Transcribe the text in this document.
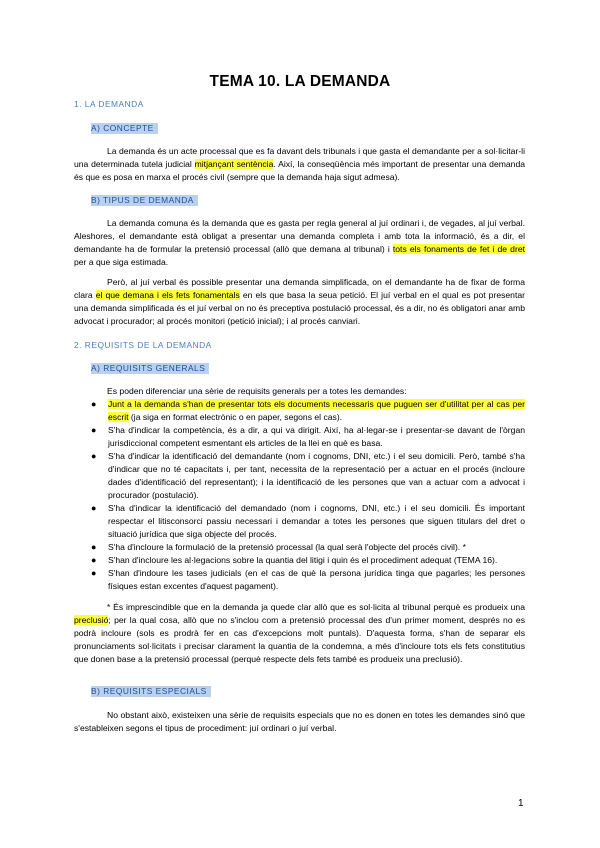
TEMA 10. LA DEMANDA
1. LA DEMANDA
A) CONCEPTE
La demanda és un acte processal que es fa davant dels tribunals i que gasta el demandante per a sol·licitar-li una determinada tutela judicial mitjançant sentència. Així, la conseqüència més important de presentar una demanda és que es posa en marxa el procés civil (sempre que la demanda haja sigut admesa).
B) TIPUS DE DEMANDA
La demanda comuna és la demanda que es gasta per regla general al juí ordinari i, de vegades, al juí verbal. Aleshores, el demandante està obligat a presentar una demanda completa i amb tota la informació, és a dir, el demandante ha de formular la pretensió processal (allò que demana al tribunal) i tots els fonaments de fet i de dret per a que siga estimada.
Però, al juí verbal és possible presentar una demanda simplificada, on el demandante ha de fixar de forma clara el que demana i els fets fonamentals en els que basa la seua petició. El juí verbal en el qual es pot presentar una demanda simplificada és el juí verbal on no és preceptiva postulació processal, és a dir, no és obligatori anar amb advocat i procurador; al procés monitori (petició inicial); i al procés canviari.
2. REQUISITS DE LA DEMANDA
A) REQUISITS GENERALS
Es poden diferenciar una sèrie de requisits generals per a totes les demandes:
● Junt a la demanda s'han de presentar tots els documents necessaris que puguen ser d'utilitat per al cas per escrit (ja siga en format electrònic o en paper, segons el cas).
● S'ha d'indicar la competència, és a dir, a qui va dirigit. Així, ha al·legar-se i presentar-se davant de l'òrgan jurisdiccional competent esmentant els articles de la llei en què es basa.
● S'ha d'indicar la identificació del demandante (nom i cognoms, DNI, etc.) i el seu domicili. Però, també s'ha d'indicar que no té capacitats i, per tant, necessita de la representació per a actuar en el procés (incloure dades d'identificació del representant); i la identificació de les persones que van a actuar com a advocat i procurador (postulació).
● S'ha d'indicar la identificació del demandado (nom i cognoms, DNI, etc.) i el seu domicili. És important respectar el litisconsorci passiu necessari i demandar a totes les persones que siguen titulars del dret o situació jurídica que siga objecte del procés.
● S'ha d'incloure la formulació de la pretensió processal (la qual serà l'objecte del procés civil). *
● S'han d'incloure les al·legacions sobre la quantia del litigi i quin és el procediment adequat (TEMA 16).
● S'han d'indoure les tases judicials (en el cas de què la persona jurídica tinga que pagarles; les persones físiques estan excentes d'aquest pagament).
* És imprescindible que en la demanda ja quede clar allò que es sol·licita al tribunal perquè es produeix una preclusió; per la qual cosa, allò que no s'inclou com a pretensió processal des d'un primer moment, després no es podrà incloure (sols es prodrà fer en cas d'excepcions molt puntals). D'aquesta forma, s'han de separar els pronunciaments sol·licitats i precisar clarament la quantia de la condemna, a més d'incloure tots els fets constitutius que donen base a la pretensió processal (perquè respecte dels fets també es produeix una preclusió).
B) REQUISITS ESPECIALS
No obstant això, existeixen una sèrie de requisits especials que no es donen en totes les demandes sinó que s'estableixen segons el tipus de procediment: juí ordinari o juí verbal.
1
